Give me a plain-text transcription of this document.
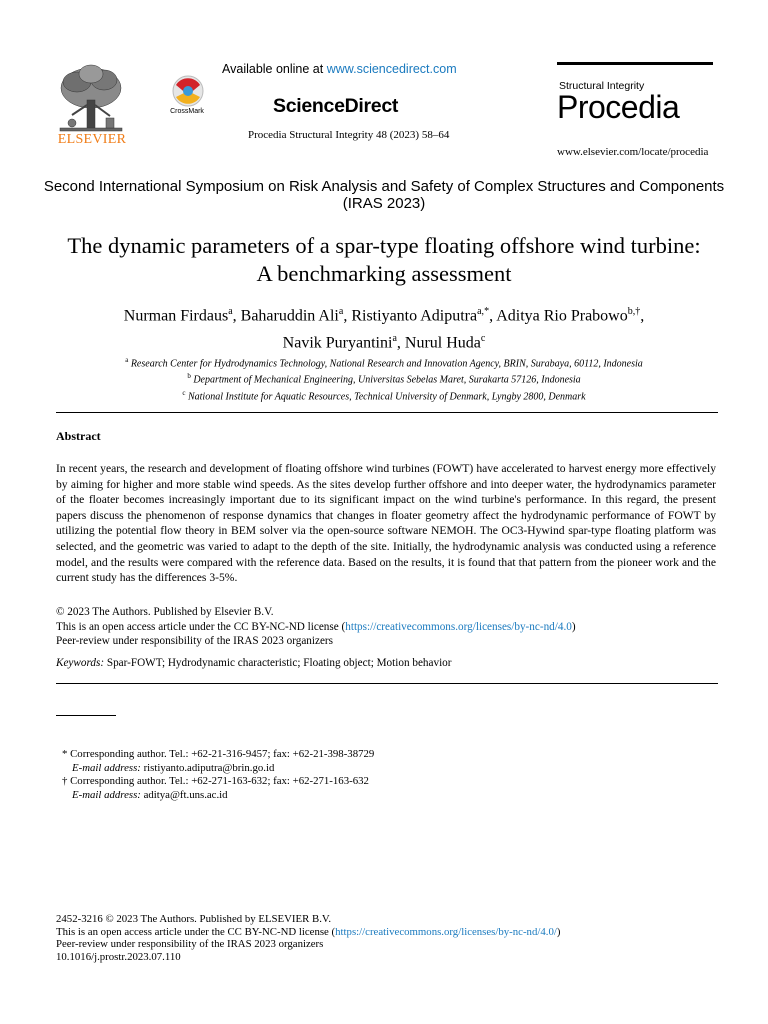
ELSEVIER
CrossMark
Available online at www.sciencedirect.com
ScienceDirect
Procedia Structural Integrity 48 (2023) 58–64
Structural Integrity
Procedia
www.elsevier.com/locate/procedia
Second International Symposium on Risk Analysis and Safety of Complex Structures and Components (IRAS 2023)
The dynamic parameters of a spar-type floating offshore wind turbine: A benchmarking assessment
Nurman Firdaus$^a$, Baharuddin Ali$^a$, Ristiyanto Adiputra$^{a,*}$, Aditya Rio Prabowo$^{b,\dagger}$,
Navik Puryantini$^a$, Nurul Huda$^c$
$^a$ Research Center for Hydrodynamics Technology, National Research and Innovation Agency, BRIN, Surabaya, 60112, Indonesia
$^b$ Department of Mechanical Engineering, Universitas Sebelas Maret, Surakarta 57126, Indonesia
$^c$ National Institute for Aquatic Resources, Technical University of Denmark, Lyngby 2800, Denmark
Abstract
In recent years, the research and development of floating offshore wind turbines (FOWT) have accelerated to harvest energy more effectively by aiming for higher and more stable wind speeds. As the sites develop further offshore and into deeper water, the hydrodynamics parameter of the floater becomes increasingly important due to its significant impact on the wind turbine's performance. In this regard, the present papers discuss the phenomenon of response dynamics that changes in floater geometry affect the hydrodynamic performance of FOWT by utilizing the potential flow theory in BEM solver via the open-source software NEMOH. The OC3-Hywind spar-type floating platform was selected, and the geometric was varied to adapt to the depth of the site. Initially, the hydrodynamic analysis was conducted using a reference model, and the results were compared with the reference data. Based on the results, it is found that that pattern from the pioneer work and the current study has the differences 3-5%.
© 2023 The Authors. Published by Elsevier B.V.
This is an open access article under the CC BY-NC-ND license (https://creativecommons.org/licenses/by-nc-nd/4.0)
Peer-review under responsibility of the IRAS 2023 organizers
Keywords: Spar-FOWT; Hydrodynamic characteristic; Floating object; Motion behavior
* Corresponding author. Tel.: +62-21-316-9457; fax: +62-21-398-38729
E-mail address: ristiyanto.adiputra@brin.go.id
† Corresponding author. Tel.: +62-271-163-632; fax: +62-271-163-632
E-mail address: aditya@ft.uns.ac.id
2452-3216 © 2023 The Authors. Published by ELSEVIER B.V.
This is an open access article under the CC BY-NC-ND license (https://creativecommons.org/licenses/by-nc-nd/4.0/)
Peer-review under responsibility of the IRAS 2023 organizers
10.1016/j.prostr.2023.07.110
